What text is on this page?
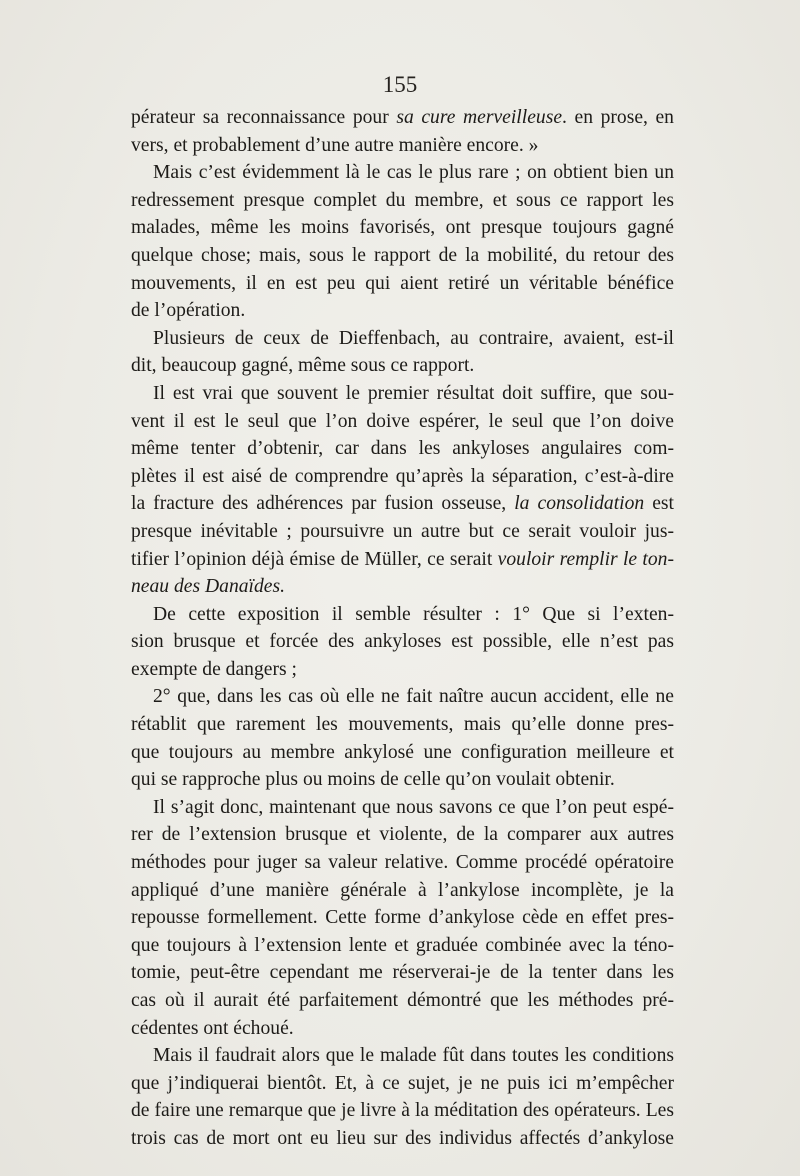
155
pérateur sa reconnaissance pour sa cure merveilleuse. en prose, en
vers, et probablement d’une autre manière encore. »
Mais c’est évidemment là le cas le plus rare ; on obtient bien un
redressement presque complet du membre, et sous ce rapport les
malades, même les moins favorisés, ont presque toujours gagné
quelque chose; mais, sous le rapport de la mobilité, du retour des
mouvements, il en est peu qui aient retiré un véritable bénéfice
de l’opération.
Plusieurs de ceux de Dieffenbach, au contraire, avaient, est-il
dit, beaucoup gagné, même sous ce rapport.
Il est vrai que souvent le premier résultat doit suffire, que sou-
vent il est le seul que l’on doive espérer, le seul que l’on doive
même tenter d’obtenir, car dans les ankyloses angulaires com-
plètes il est aisé de comprendre qu’après la séparation, c’est-à-dire
la fracture des adhérences par fusion osseuse, la consolidation est
presque inévitable ; poursuivre un autre but ce serait vouloir jus-
tifier l’opinion déjà émise de Müller, ce serait vouloir remplir le ton-
neau des Danaïdes.
De cette exposition il semble résulter : 1° Que si l’exten-
sion brusque et forcée des ankyloses est possible, elle n’est pas
exempte de dangers ;
2° que, dans les cas où elle ne fait naître aucun accident, elle ne
rétablit que rarement les mouvements, mais qu’elle donne pres-
que toujours au membre ankylosé une configuration meilleure et
qui se rapproche plus ou moins de celle qu’on voulait obtenir.
Il s’agit donc, maintenant que nous savons ce que l’on peut espé-
rer de l’extension brusque et violente, de la comparer aux autres
méthodes pour juger sa valeur relative. Comme procédé opératoire
appliqué d’une manière générale à l’ankylose incomplète, je la
repousse formellement. Cette forme d’ankylose cède en effet pres-
que toujours à l’extension lente et graduée combinée avec la téno-
tomie, peut-être cependant me réserverai-je de la tenter dans les
cas où il aurait été parfaitement démontré que les méthodes pré-
cédentes ont échoué.
Mais il faudrait alors que le malade fût dans toutes les conditions
que j’indiquerai bientôt. Et, à ce sujet, je ne puis ici m’empêcher
de faire une remarque que je livre à la méditation des opérateurs. Les
trois cas de mort ont eu lieu sur des individus affectés d’ankylose
